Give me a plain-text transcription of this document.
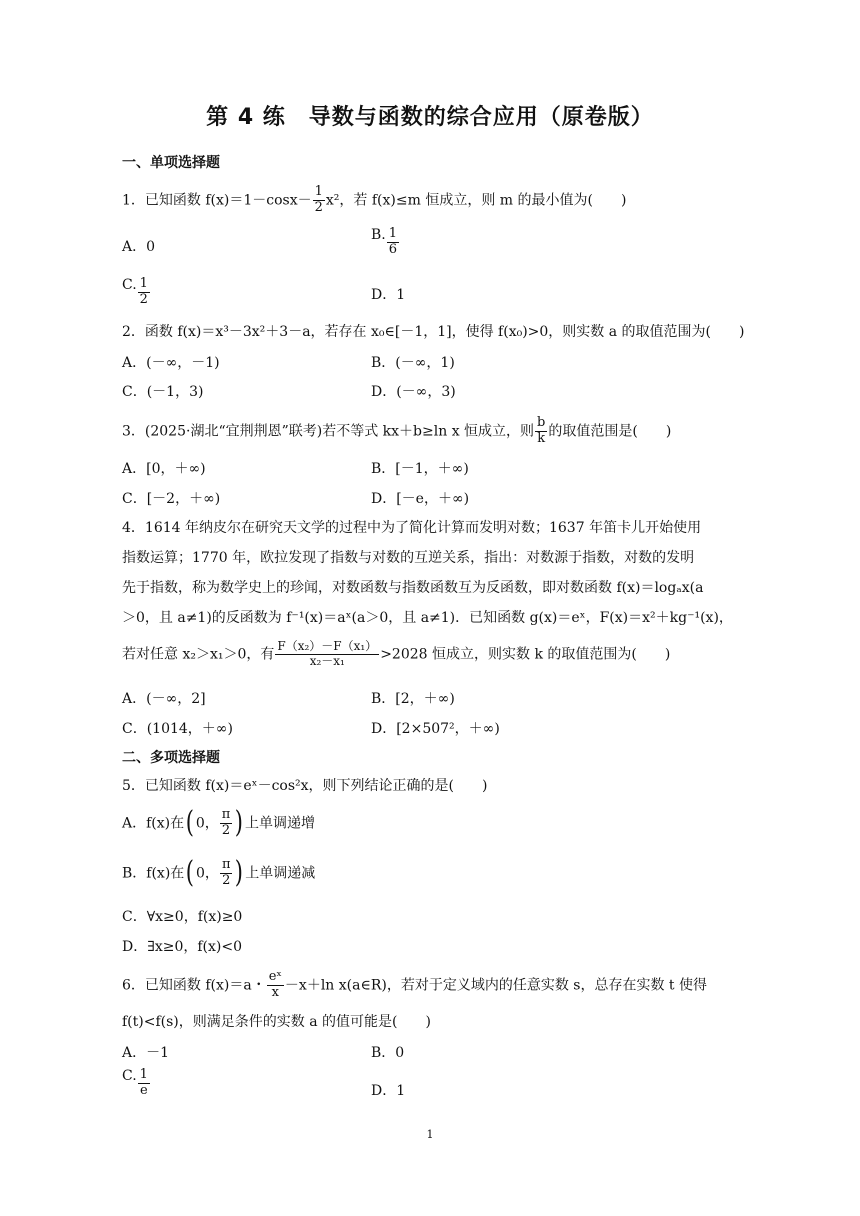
第 4 练　导数与函数的综合应用（原卷版）
一、单项选择题
1．已知函数 $f(x)=1-\cos x- \frac{1}{2} x^2$，若 f(x)≤m 恒成立，则 m 的最小值为(　　)
A．0
B. $\frac{1}{6}$
C. $\frac{1}{2}$	D．1
2．函数 f(x)＝x³－3x²＋3－a，若存在 x₀∈[－1，1]，使得 f(x₀)>0，则实数 a 的取值范围为(　　)
A．(－∞，－1)	B．(－∞，1)
C．(－1，3)	D．(－∞，3)
3．(2025·湖北“宜荆荆恩”联考)若不等式 kx＋b≥ln x 恒成立，则 $\frac{b}{k}$ 的取值范围是(　　)
A．[0，＋∞)	B．[－1，＋∞)
C．[－2，＋∞)	D．[－e，＋∞)
4．1614 年纳皮尔在研究天文学的过程中为了简化计算而发明对数；1637 年笛卡儿开始使用
指数运算；1770 年，欧拉发现了指数与对数的互逆关系，指出：对数源于指数，对数的发明
先于指数，称为数学史上的珍闻，对数函数与指数函数互为反函数，即对数函数 f(x)＝logₐx(a
＞0，且 a≠1)的反函数为 f⁻¹(x)＝aˣ(a＞0，且 a≠1)．已知函数 g(x)＝eˣ，F(x)＝x²＋kg⁻¹(x)，
若对任意 x₂＞x₁＞0，有 $\frac{\text{F（x₂）－F（x₁）}}{\text{x₂－x₁}} >2028$ 恒成立，则实数 k 的取值范围为(　　)
A．(－∞，2]	B．[2，＋∞)
C．(1014，＋∞)	D．[2×507²，＋∞)
二、多项选择题
5．已知函数 f(x)＝eˣ－cos²x，则下列结论正确的是(　　)
A．f(x)在( 0， $\frac{\pi}{2}$ ) 上单调递增
B．f(x)在( 0， $\frac{\pi}{2}$ ) 上单调递减
C．∀x≥0，f(x)≥0
D．∃x≥0，f(x)<0
6．已知函数 f(x)＝a・ $\frac{\text{eˣ}}{x} -x+\ln$ x(a∈R)，若对于定义域内的任意实数 s，总存在实数 t 使得
f(t)<f(s)，则满足条件的实数 a 的值可能是(　　)
A．－1	B．0
C. $\frac{1}{e}$	D．1
1
